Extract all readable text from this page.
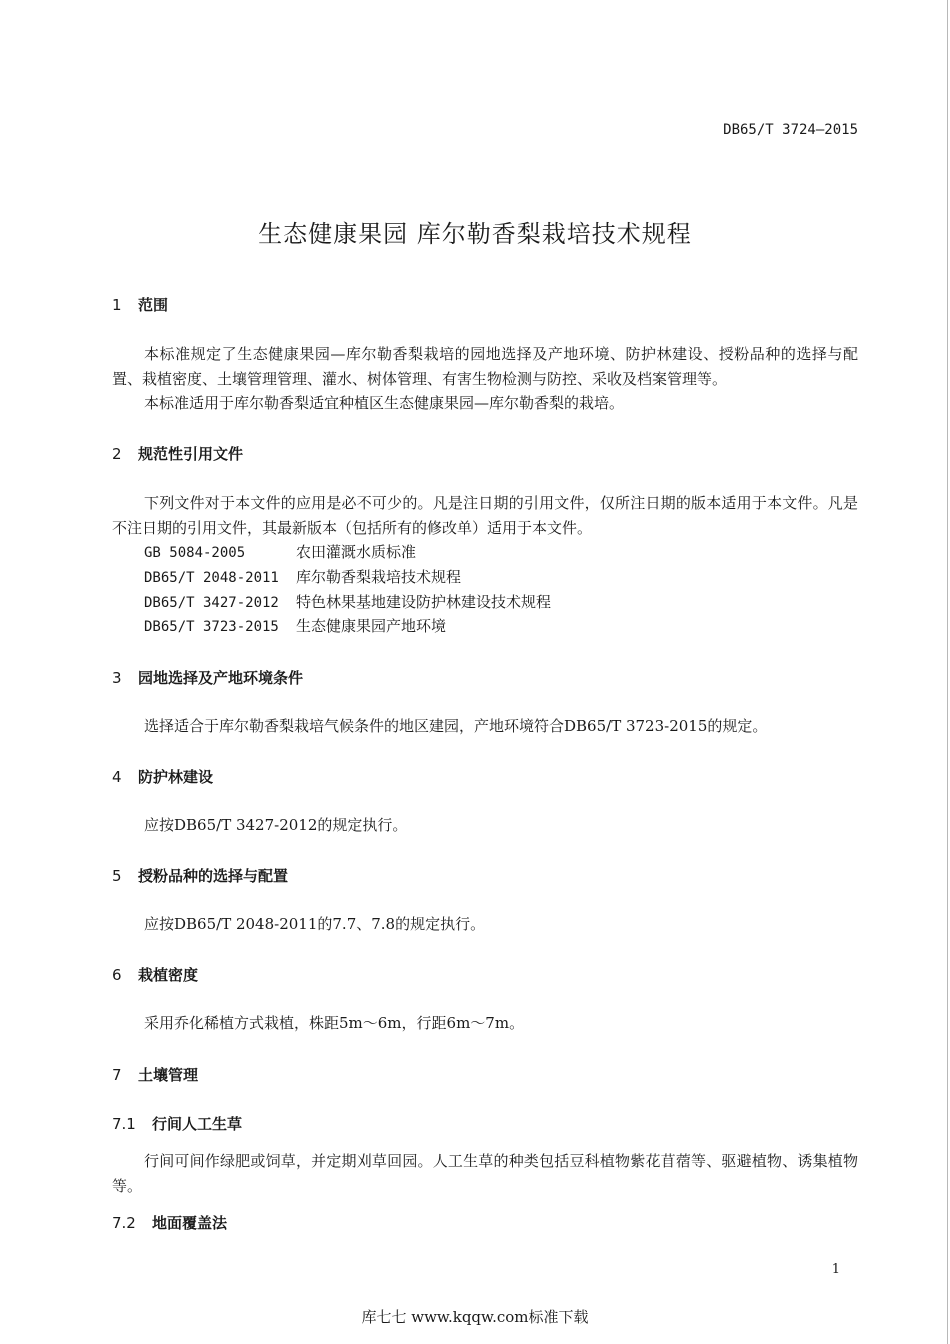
DB65/T 3724—2015
生态健康果园 库尔勒香梨栽培技术规程
1 范围
本标准规定了生态健康果园—库尔勒香梨栽培的园地选择及产地环境、防护林建设、授粉品种的选择与配置、栽植密度、土壤管理管理、灌水、树体管理、有害生物检测与防控、采收及档案管理等。
本标准适用于库尔勒香梨适宜种植区生态健康果园—库尔勒香梨的栽培。
2 规范性引用文件
下列文件对于本文件的应用是必不可少的。凡是注日期的引用文件，仅所注日期的版本适用于本文件。凡是不注日期的引用文件，其最新版本（包括所有的修改单）适用于本文件。
GB 5084-2005	农田灌溉水质标准
DB65/T 2048-2011 库尔勒香梨栽培技术规程
DB65/T 3427-2012 特色林果基地建设防护林建设技术规程
DB65/T 3723-2015 生态健康果园产地环境
3 园地选择及产地环境条件
选择适合于库尔勒香梨栽培气候条件的地区建园，产地环境符合DB65/T 3723-2015的规定。
4 防护林建设
应按DB65/T 3427-2012的规定执行。
5 授粉品种的选择与配置
应按DB65/T 2048-2011的7.7、7.8的规定执行。
6 栽植密度
采用乔化稀植方式栽植，株距5m～6m，行距6m～7m。
7 土壤管理
7.1 行间人工生草
行间可间作绿肥或饲草，并定期刈草回园。人工生草的种类包括豆科植物紫花苜蓿等、驱避植物、诱集植物等。
7.2 地面覆盖法
1
库七七 www.kqqw.com标准下载
